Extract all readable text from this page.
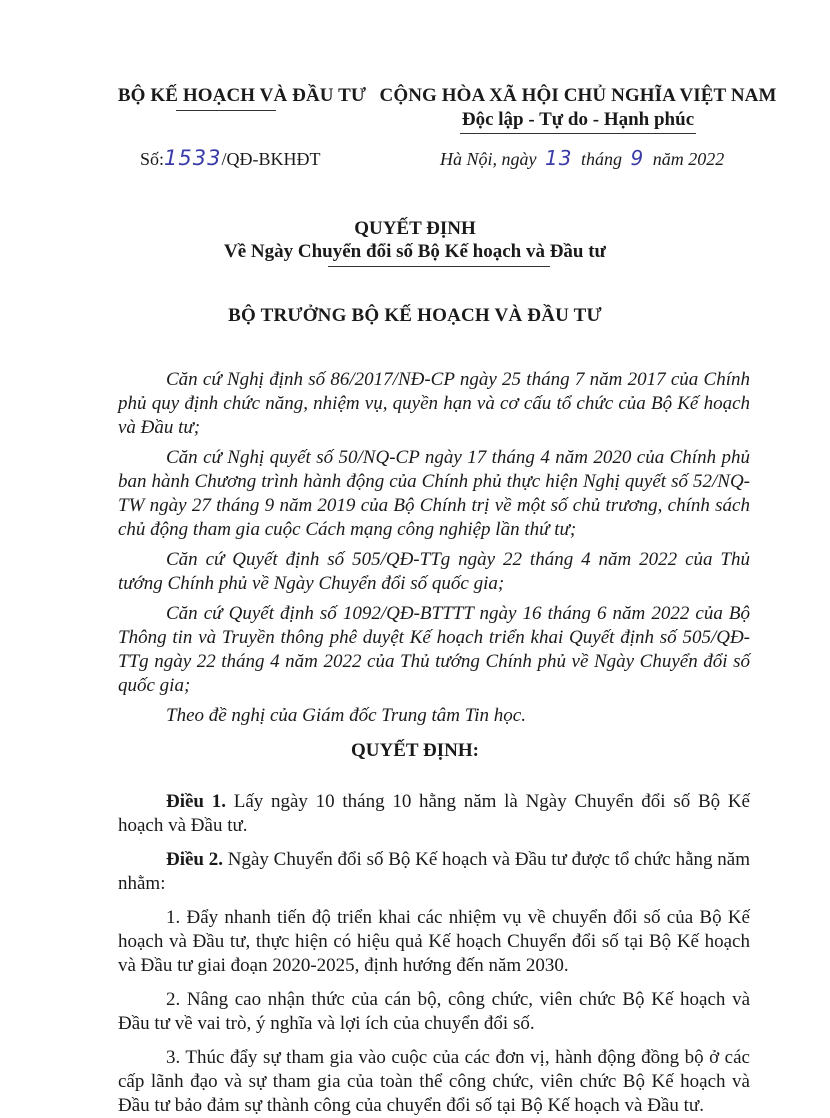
BỘ KẾ HOẠCH VÀ ĐẦU TƯ CỘNG HÒA XÃ HỘI CHỦ NGHĨA VIỆT NAM
Độc lập - Tự do - Hạnh phúc
Số:1533/QĐ-BKHĐT	Hà Nội, ngày 13 tháng 9 năm 2022
QUYẾT ĐỊNH
Về Ngày Chuyển đổi số Bộ Kế hoạch và Đầu tư
BỘ TRƯỞNG BỘ KẾ HOẠCH VÀ ĐẦU TƯ

Căn cứ Nghị định số 86/2017/NĐ-CP ngày 25 tháng 7 năm 2017 của Chính phủ quy định chức năng, nhiệm vụ, quyền hạn và cơ cấu tổ chức của Bộ Kế hoạch và Đầu tư;

Căn cứ Nghị quyết số 50/NQ-CP ngày 17 tháng 4 năm 2020 của Chính phủ ban hành Chương trình hành động của Chính phủ thực hiện Nghị quyết số 52/NQ-TW ngày 27 tháng 9 năm 2019 của Bộ Chính trị về một số chủ trương, chính sách chủ động tham gia cuộc Cách mạng công nghiệp lần thứ tư;

Căn cứ Quyết định số 505/QĐ-TTg ngày 22 tháng 4 năm 2022 của Thủ tướng Chính phủ về Ngày Chuyển đổi số quốc gia;

Căn cứ Quyết định số 1092/QĐ-BTTTT ngày 16 tháng 6 năm 2022 của Bộ Thông tin và Truyền thông phê duyệt Kế hoạch triển khai Quyết định số 505/QĐ-TTg ngày 22 tháng 4 năm 2022 của Thủ tướng Chính phủ về Ngày Chuyển đổi số quốc gia;

Theo đề nghị của Giám đốc Trung tâm Tin học.

QUYẾT ĐỊNH:

Điều 1. Lấy ngày 10 tháng 10 hằng năm là Ngày Chuyển đổi số Bộ Kế hoạch và Đầu tư.

Điều 2. Ngày Chuyển đổi số Bộ Kế hoạch và Đầu tư được tổ chức hằng năm nhằm:

1. Đẩy nhanh tiến độ triển khai các nhiệm vụ về chuyển đổi số của Bộ Kế hoạch và Đầu tư, thực hiện có hiệu quả Kế hoạch Chuyển đổi số tại Bộ Kế hoạch và Đầu tư giai đoạn 2020-2025, định hướng đến năm 2030.

2. Nâng cao nhận thức của cán bộ, công chức, viên chức Bộ Kế hoạch và Đầu tư về vai trò, ý nghĩa và lợi ích của chuyển đổi số.

3. Thúc đẩy sự tham gia vào cuộc của các đơn vị, hành động đồng bộ ở các cấp lãnh đạo và sự tham gia của toàn thể công chức, viên chức Bộ Kế hoạch và Đầu tư bảo đảm sự thành công của chuyển đổi số tại Bộ Kế hoạch và Đầu tư.
